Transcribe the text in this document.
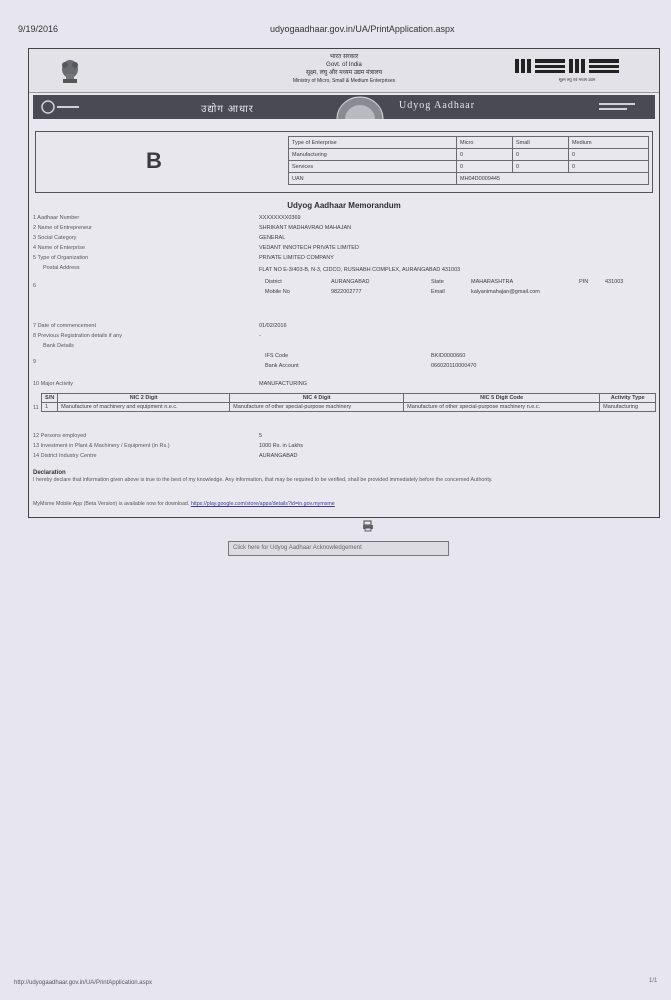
9/19/2016	udyogaadhaar.gov.in/UA/PrintApplication.aspx
भारत सरकार
Govt. of India
सूक्ष्म, लघु और मध्यम उद्यम मंत्रालय
Ministry of Micro, Small & Medium Enterprises	सूक्ष्म लघु एवं मध्यम उद्यम
उद्योग आधार	Udyog Aadhaar
B
Type of Enterprise	Micro	Small	Medium
Manufacturing	0	0	0
Services	0	0	0
UAN	MH04D0009445		
Udyog Aadhaar Memorandum
1 Aadhaar Number	XXXXXXXX0369
2 Name of Entrepreneur	SHRIKANT MADHAVRAO MAHAJAN
3 Social Category	GENERAL
4 Name of Enterprise	VEDANT INNOTECH PRIVATE LIMITED
5 Type of Organization	PRIVATE LIMITED COMPANY
Postal Address	FLAT NO E-3/403-B, N-3, CIDCO, RUSHABH COMPLEX, AURANGABAD 431003
6
District	AURANGABAD	State	MAHARASHTRA	PIN	431003
Mobile No	9822002777	Email	kalyanimahajan@gmail.com
7 Date of commencement	01/02/2016
8 Previous Registration details if any	-
Bank Details
9
IFS Code	BKID0000660
Bank Account	066020110000470
10 Major Activity	MANUFACTURING
11
S/N	NIC 2 Digit	NIC 4 Digit	NIC 5 Digit Code	Activity Type
1	Manufacture of machinery and equipment n.e.c.	Manufacture of other special-purpose machinery	Manufacture of other special-purpose machinery n.e.c.	Manufacturing
12 Persons employed	5
13 Investment in Plant & Machinery / Equipment (in Rs.)	1000 Rs. in Lakhs
14 District Industry Centre	AURANGABAD
Declaration
I hereby declare that information given above is true to the best of my knowledge. Any information, that may be required to be verified, shall be provided immediately before the concerned Authority.
MyMsme Mobile App (Beta Version) is available now for download. https://play.google.com/store/apps/details?id=in.gov.mymsme
Click here for Udyog Aadhaar Acknowledgement
http://udyogaadhaar.gov.in/UA/PrintApplication.aspx	1/1
